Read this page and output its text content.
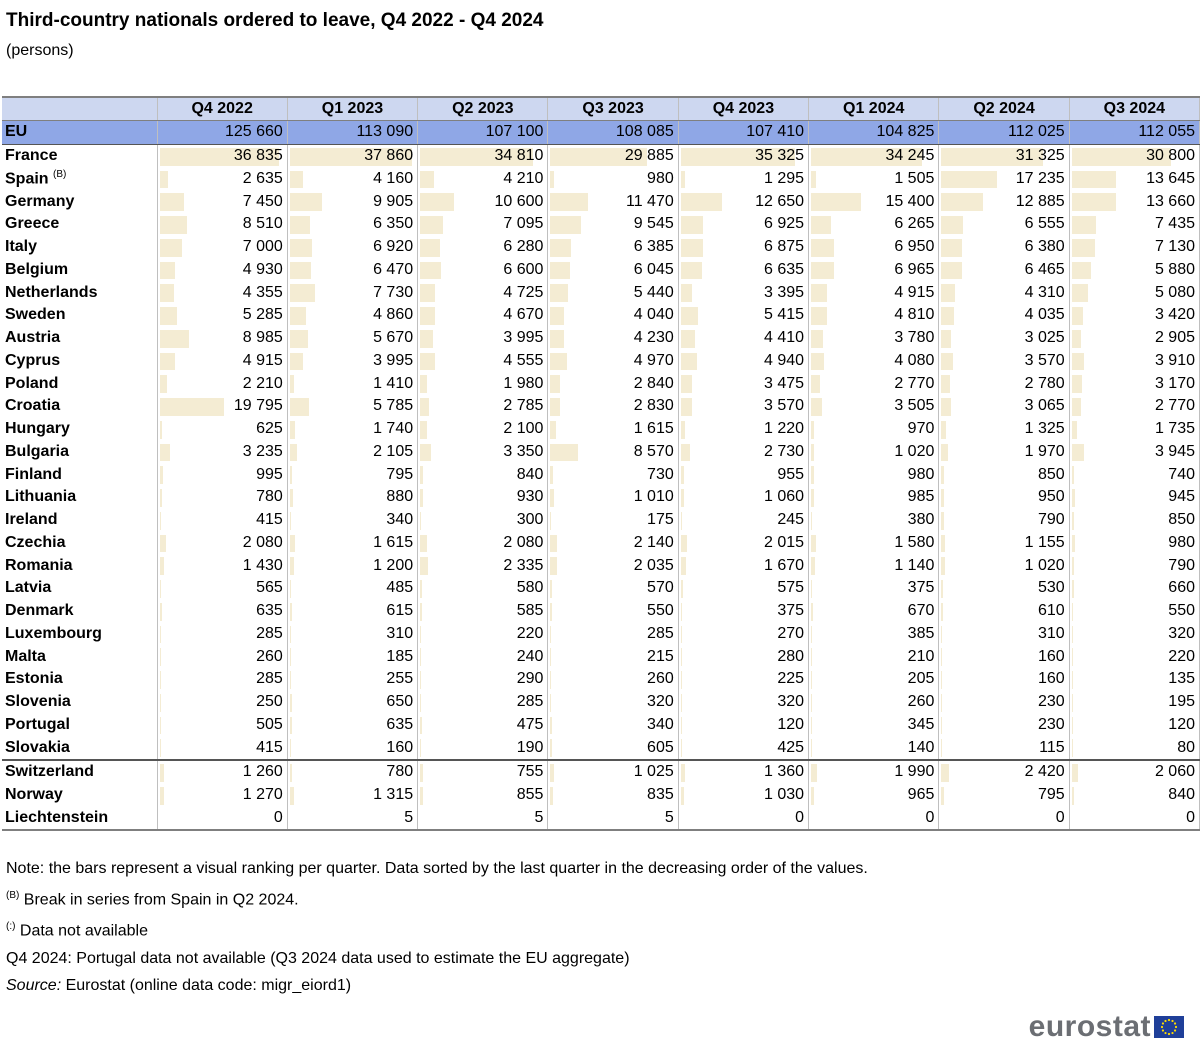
Third-country nationals ordered to leave, Q4 2022 - Q4 2024
(persons)
	Q4 2022	Q1 2023	Q2 2023	Q3 2023	Q4 2023	Q1 2024	Q2 2024	Q3 2024
EU	125 660	113 090	107 100	108 085	107 410	104 825	112 025	112 055
France	36 835	37 860	34 810	29 885	35 325	34 245	31 325	30 800
Spain $^{(B)}$	2 635	4 160	4 210	980	1 295	1 505	17 235	13 645
Germany	7 450	9 905	10 600	11 470	12 650	15 400	12 885	13 660
Greece	8 510	6 350	7 095	9 545	6 925	6 265	6 555	7 435
Italy	7 000	6 920	6 280	6 385	6 875	6 950	6 380	7 130
Belgium	4 930	6 470	6 600	6 045	6 635	6 965	6 465	5 880
Netherlands	4 355	7 730	4 725	5 440	3 395	4 915	4 310	5 080
Sweden	5 285	4 860	4 670	4 040	5 415	4 810	4 035	3 420
Austria	8 985	5 670	3 995	4 230	4 410	3 780	3 025	2 905
Cyprus	4 915	3 995	4 555	4 970	4 940	4 080	3 570	3 910
Poland	2 210	1 410	1 980	2 840	3 475	2 770	2 780	3 170
Croatia	19 795	5 785	2 785	2 830	3 570	3 505	3 065	2 770
Hungary	625	1 740	2 100	1 615	1 220	970	1 325	1 735
Bulgaria	3 235	2 105	3 350	8 570	2 730	1 020	1 970	3 945
Finland	995	795	840	730	955	980	850	740
Lithuania	780	880	930	1 010	1 060	985	950	945
Ireland	415	340	300	175	245	380	790	850
Czechia	2 080	1 615	2 080	2 140	2 015	1 580	1 155	980
Romania	1 430	1 200	2 335	2 035	1 670	1 140	1 020	790
Latvia	565	485	580	570	575	375	530	660
Denmark	635	615	585	550	375	670	610	550
Luxembourg	285	310	220	285	270	385	310	320
Malta	260	185	240	215	280	210	160	220
Estonia	285	255	290	260	225	205	160	135
Slovenia	250	650	285	320	320	260	230	195
Portugal	505	635	475	340	120	345	230	120
Slovakia	415	160	190	605	425	140	115	80
Switzerland	1 260	780	755	1 025	1 360	1 990	2 420	2 060
Norway	1 270	1 315	855	835	1 030	965	795	840
Liechtenstein	0	5	5	5	0	0	0	0
Note: the bars represent a visual ranking per quarter. Data sorted by the last quarter in the decreasing order of the values.
$^{(B)}$ Break in series from Spain in Q2 2024.
(:) Data not available
Q4 2024: Portugal data not available (Q3 2024 data used to estimate the EU aggregate)
Source: Eurostat (online data code: migr_eiord1)
eurostat
